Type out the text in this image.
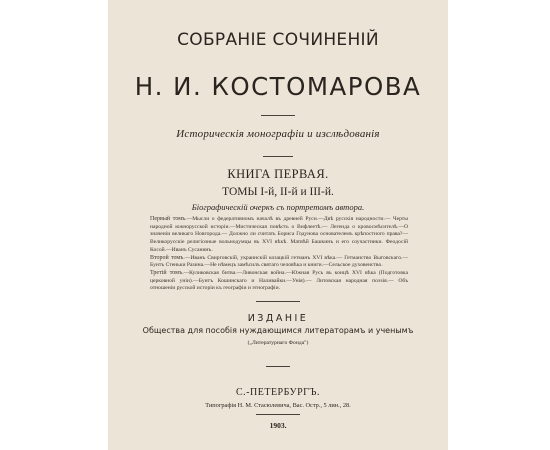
СОБРАНІЕ СОЧИНЕНІЙ
Н. И. КОСТОМАРОВА
Историческія монографіи и изслѣдованія
КНИГА ПЕРВАЯ.
ТОМЫ І-й, ІІ-й и ІІІ-й.
Біографическій очеркъ съ портретомъ автора.

Первый томъ.—Мысли о федеративномъ началѣ въ древней Руси.—Двѣ русскія народности.— Черты народной южнорусской исторіи.—Мистическая повѣсть о Вифлеетѣ.— Легенда о кровосмѣсителѣ.—О значеніи великаго Новгорода.— Должно ли считать Бориса Годунова основателемъ крѣпостного права?—Великорусскіе религіозные вольнодумцы въ XVI вѣкѣ. Матвѣй Башкинъ и его соучастники. Феодосій Косой.—Иванъ Сусанинъ.

Второй томъ.—Иванъ Свирговскій, украинскій козацкій гетманъ XVI вѣка.— Гетманство Выговскаго.—Бунтъ Стеньки Разина.—Не нѣмецъ замѣсилъ святаго человѣка и книги.—Сельское духовенство.

Третій томъ.—Куликовская битва.—Ливонская война.—Южная Русь въ концѣ XVI вѣка (Подготовка церковной уніи).—Бунтъ Кошинскаго и Наливайки.—Унія).— Литовская народная поэзія.— Объ отношеніи русской исторіи къ географіи и этнографіи.

ИЗДАНІЕ
Общества для пособія нуждающимся литераторамъ и ученымъ
(„Литературнаго Фонда")
С.-ПЕТЕРБУРГЪ.
Типографія Н. М. Стасюлевича, Вас. Остр., 5 лин., 28.
1903.
